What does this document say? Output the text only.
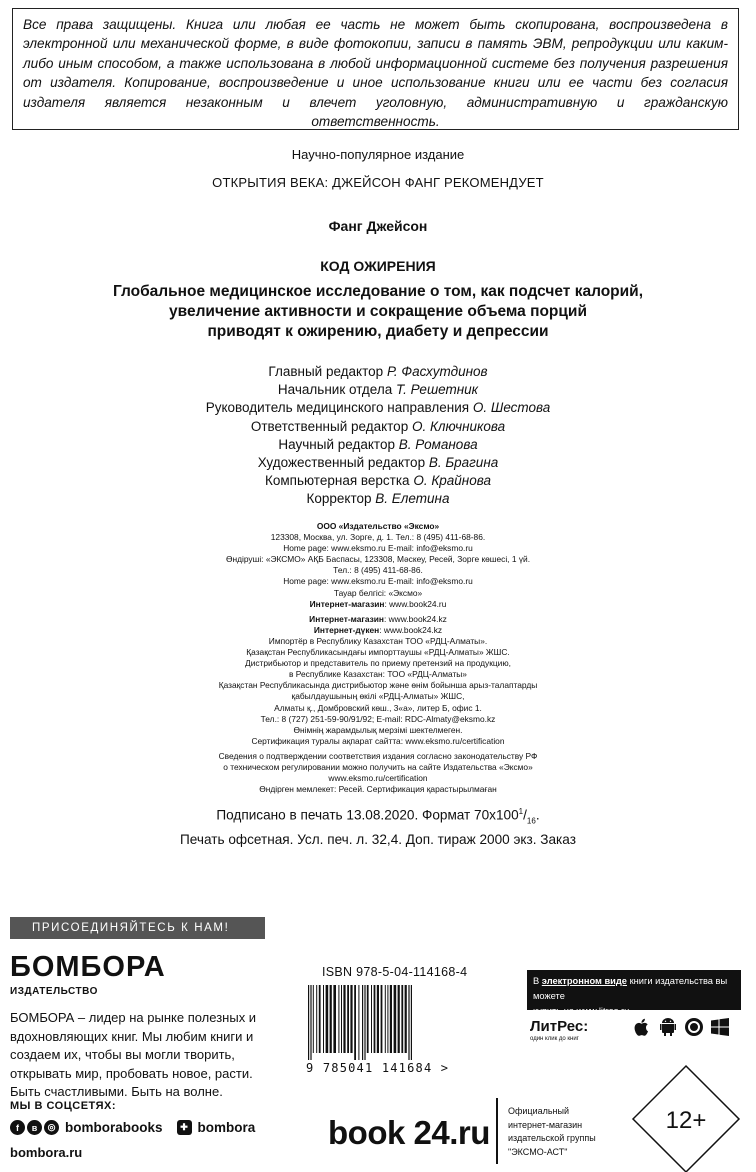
Все права защищены. Книга или любая ее часть не может быть скопирована, воспроизведена в электронной или механической форме, в виде фотокопии, записи в память ЭВМ, репродукции или каким-либо иным способом, а также использована в любой информационной системе без получения разрешения от издателя. Копирование, воспроизведение и иное использование книги или ее части без согласия издателя является незаконным и влечет уголовную, административную и гражданскую ответственность.
Научно-популярное издание
ОТКРЫТИЯ ВЕКА: ДЖЕЙСОН ФАНГ РЕКОМЕНДУЕТ
Фанг Джейсон
КОД ОЖИРЕНИЯ
Глобальное медицинское исследование о том, как подсчет калорий,
увеличение активности и сокращение объема порций
приводят к ожирению, диабету и депрессии
Главный редактор Р. Фасхутдинов
Начальник отдела Т. Решетник
Руководитель медицинского направления О. Шестова
Ответственный редактор О. Ключникова
Научный редактор В. Романова
Художественный редактор В. Брагина
Компьютерная верстка О. Крайнова
Корректор В. Елетина
ООО «Издательство «Эксмо»
123308, Москва, ул. Зорге, д. 1. Тел.: 8 (495) 411-68-86.
Home page: www.eksmo.ru E-mail: info@eksmo.ru
Өндіруші: «ЭКСМО» АҚБ Баспасы, 123308, Мәскеу, Ресей, Зорге көшесі, 1 үй.
Тел.: 8 (495) 411-68-86.
Home page: www.eksmo.ru E-mail: info@eksmo.ru
Тауар белгісі: «Эксмо»
Интернет-магазин: www.book24.ru
Интернет-магазин: www.book24.kz
Интернет-дүкен: www.book24.kz
Импортёр в Республику Казахстан ТОО «РДЦ-Алматы».
Қазақстан Республикасындағы импорттаушы «РДЦ-Алматы» ЖШС.
Дистрибьютор и представитель по приему претензий на продукцию,
в Республике Казахстан: ТОО «РДЦ-Алматы»
Қазақстан Республикасында дистрибьютор және өнім бойынша арыз-талаптарды
қабылдаушының өкілі «РДЦ-Алматы» ЖШС,
Алматы қ., Домбровский көш., 3«а», литер Б, офис 1.
Тел.: 8 (727) 251-59-90/91/92; E-mail: RDC-Almaty@eksmo.kz
Өнімнің жарамдылық мерзімі шектелмеген.
Сертификация туралы ақпарат сайтта: www.eksmo.ru/certification
Сведения о подтверждении соответствия издания согласно законодательству РФ
о техническом регулировании можно получить на сайте Издательства «Эксмо»
www.eksmo.ru/certification
Өндірген мемлекет: Ресей. Сертификация қарастырылмаған
Подписано в печать 13.08.2020. Формат $70х100^1/_{16}$.
Печать офсетная. Усл. печ. л. 32,4. Доп. тираж 2000 экз. Заказ
ПРИСОЕДИНЯЙТЕСЬ К НАМ!
БОМБОРА
ИЗДАТЕЛЬСТВО
БОМБОРА – лидер на рынке полезных и вдохновляющих книг. Мы любим книги и создаем их, чтобы вы могли творить, открывать мир, пробовать новое, расти. Быть счастливыми. Быть на волне.
МЫ В СОЦСЕТЯХ:
f	в	◎ bomborabooks	✚ bombora
bombora.ru
ISBN 978-5-04-114168-4
9 785041 141684 >
В электронном виде книги издательства вы можете
купить на www.litres.ru
ЛитРес:
один клик до книг
12+
book 24.ru
Официальный
интернет-магазин
издательской группы
"ЭКСМО-АСТ"
